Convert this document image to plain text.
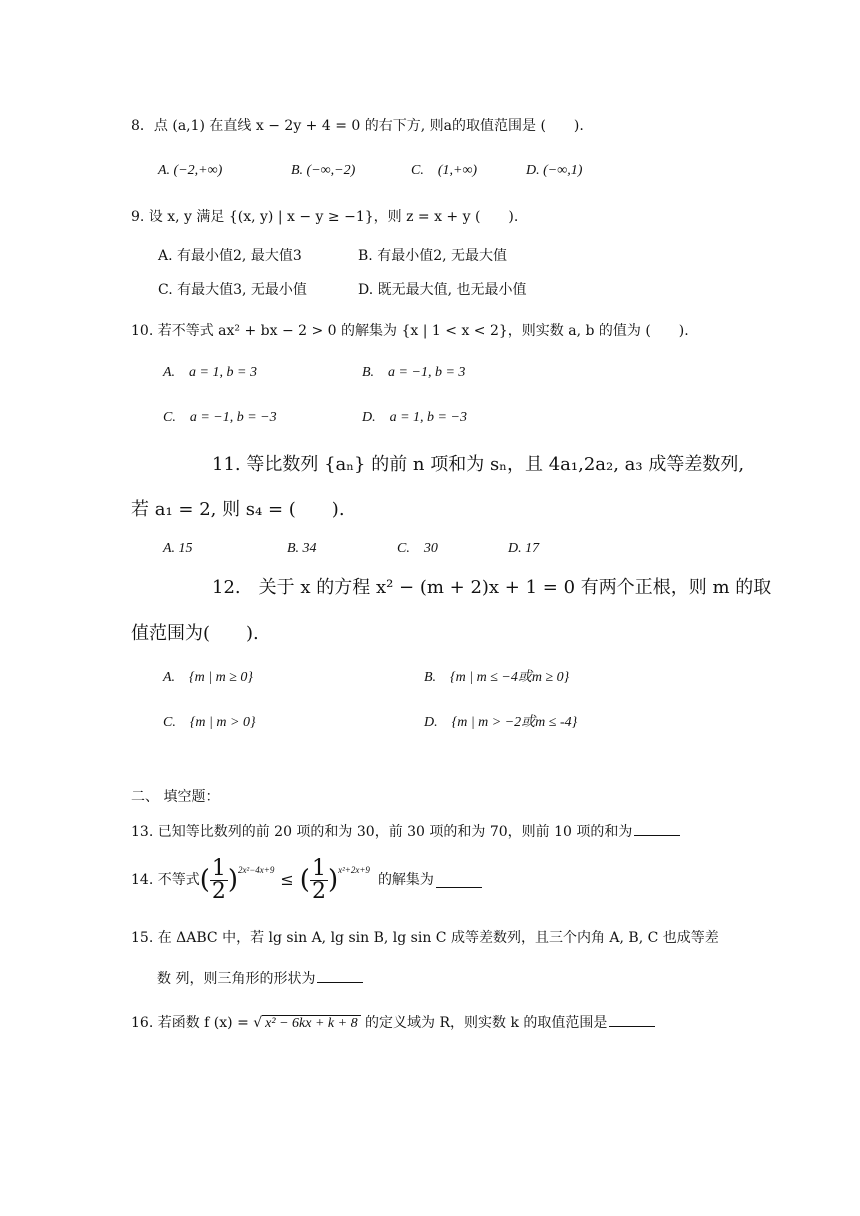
8．点 (a,1) 在直线 x − 2y + 4 = 0 的右下方, 则a的取值范围是 (　　).
A. (−2,+∞)	B. (−∞,−2)	C.　(1,+∞)	D. (−∞,1)
9. 设 x, y 满足 {(x, y) | x − y ≥ −1}，则 z = x + y (　　).
A. 有最小值2, 最大值3	B. 有最小值2, 无最大值
C. 有最大值3, 无最小值	D. 既无最大值, 也无最小值
10. 若不等式 ax² + bx − 2 > 0 的解集为 {x | 1 < x < 2}，则实数 a, b 的值为 (　　).
A.　a = 1, b = 3	B.　a = −1, b = 3
C.　a = −1, b = −3	D.　a = 1, b = −3
11. 等比数列 {aₙ} 的前 n 项和为 sₙ，且 4a₁,2a₂, a₃ 成等差数列,
若 a₁ = 2, 则 s₄ = (　　).
A. 15	B. 34	C.　30	D. 17
12.　关于 x 的方程 x² − (m + 2)x + 1 = 0 有两个正根，则 m 的取
值范围为(　　).
A.　{m | m ≥ 0}	B.　{m | m ≤ −4或m ≥ 0}
C.　{m | m > 0}	D.　{m | m > −2或m ≤ -4}
二、 填空题：
13. 已知等比数列的前 20 项的和为 30，前 30 项的和为 70，则前 10 项的和为
14. 不等式 ( $\frac{1}{2} )^{2x^2-4x+9}$ ≤ ( $\frac{1}{2} )^{x^2+2x+9}$
的解集为
15. 在 ΔABC 中，若 lg sin A, lg sin B, lg sin C 成等差数列，且三个内角 A, B, C 也成等差
数 列，则三角形的形状为
16. 若函数 f (x) = √ x² − 6kx + k + 8 的定义域为 R，则实数 k 的取值范围是
